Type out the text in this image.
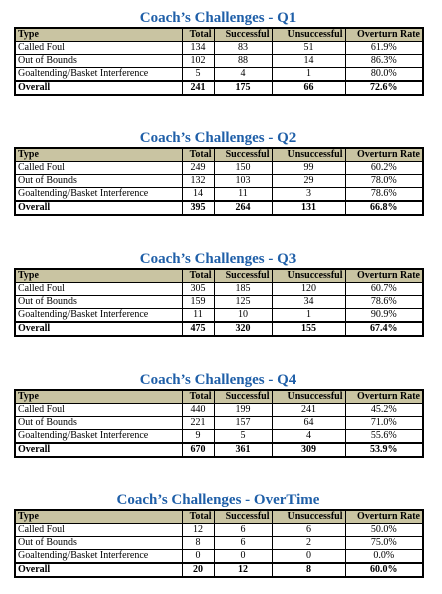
Coach’s Challenges - Q1
Type	Total	Successful	Unsuccessful	Overturn Rate
Called Foul	134	83	51	61.9%
Out of Bounds	102	88	14	86.3%
Goaltending/Basket Interference	5	4	1	80.0%
Overall	241	175	66	72.6%
Coach’s Challenges - Q2
Type	Total	Successful	Unsuccessful	Overturn Rate
Called Foul	249	150	99	60.2%
Out of Bounds	132	103	29	78.0%
Goaltending/Basket Interference	14	11	3	78.6%
Overall	395	264	131	66.8%
Coach’s Challenges - Q3
Type	Total	Successful	Unsuccessful	Overturn Rate
Called Foul	305	185	120	60.7%
Out of Bounds	159	125	34	78.6%
Goaltending/Basket Interference	11	10	1	90.9%
Overall	475	320	155	67.4%
Coach’s Challenges - Q4
Type	Total	Successful	Unsuccessful	Overturn Rate
Called Foul	440	199	241	45.2%
Out of Bounds	221	157	64	71.0%
Goaltending/Basket Interference	9	5	4	55.6%
Overall	670	361	309	53.9%
Coach’s Challenges - OverTime
Type	Total	Successful	Unsuccessful	Overturn Rate
Called Foul	12	6	6	50.0%
Out of Bounds	8	6	2	75.0%
Goaltending/Basket Interference	0	0	0	0.0%
Overall	20	12	8	60.0%
